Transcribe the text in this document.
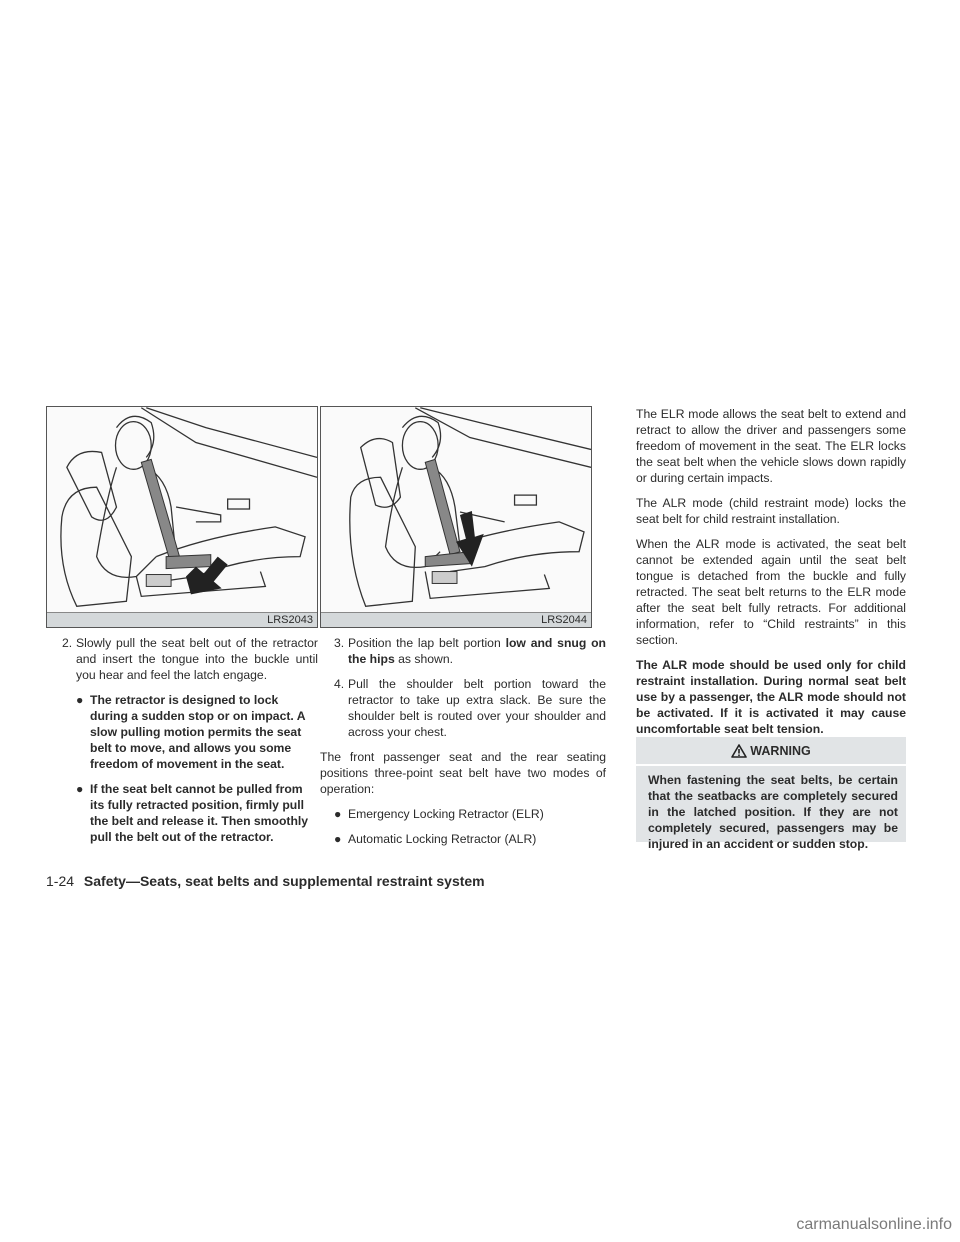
LRS2043	LRS2044
2. Slowly pull the seat belt out of the retractor and insert the tongue into the buckle until you hear and feel the latch engage.
● The retractor is designed to lock during a sudden stop or on impact. A slow pulling motion permits the seat belt to move, and allows you some freedom of movement in the seat.
● If the seat belt cannot be pulled from its fully retracted position, firmly pull the belt and release it. Then smoothly pull the belt out of the retractor.
3. Position the lap belt portion low and snug on the hips as shown.
4. Pull the shoulder belt portion toward the retractor to take up extra slack. Be sure the shoulder belt is routed over your shoulder and across your chest.

The front passenger seat and the rear seating positions three-point seat belt have two modes of operation:

● Emergency Locking Retractor (ELR)
● Automatic Locking Retractor (ALR)

The ELR mode allows the seat belt to extend and retract to allow the driver and passengers some freedom of movement in the seat. The ELR locks the seat belt when the vehicle slows down rapidly or during certain impacts.

The ALR mode (child restraint mode) locks the seat belt for child restraint installation.

When the ALR mode is activated, the seat belt cannot be extended again until the seat belt tongue is detached from the buckle and fully retracted. The seat belt returns to the ELR mode after the seat belt fully retracts. For additional information, refer to “Child restraints” in this section.

The ALR mode should be used only for child restraint installation. During normal seat belt use by a passenger, the ALR mode should not be activated. If it is activated it may cause uncomfortable seat belt tension.

WARNING
When fastening the seat belts, be certain that the seatbacks are completely secured in the latched position. If they are not completely secured, passengers may be injured in an accident or sudden stop.
1-24 Safety—Seats, seat belts and supplemental restraint system
carmanualsonline.info
